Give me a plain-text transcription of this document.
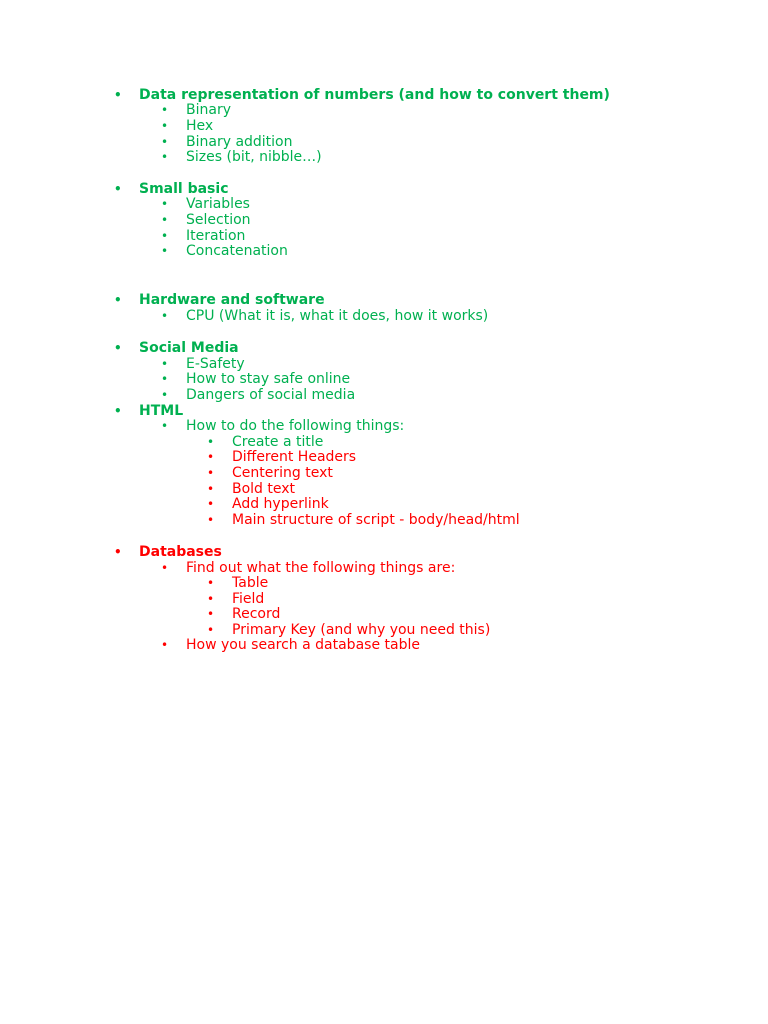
• Data representation of numbers (and how to convert them)
• Binary
• Hex
• Binary addition
• Sizes (bit, nibble…)
• Small basic
• Variables
• Selection
• Iteration
• Concatenation
• Hardware and software
• CPU (What it is, what it does, how it works)
• Social Media
• E-Safety
• How to stay safe online
• Dangers of social media
• HTML
• How to do the following things:
• Create a title
• Different Headers
• Centering text
• Bold text
• Add hyperlink
• Main structure of script - body/head/html
• Databases
• Find out what the following things are:
• Table
• Field
• Record
• Primary Key (and why you need this)
• How you search a database table
